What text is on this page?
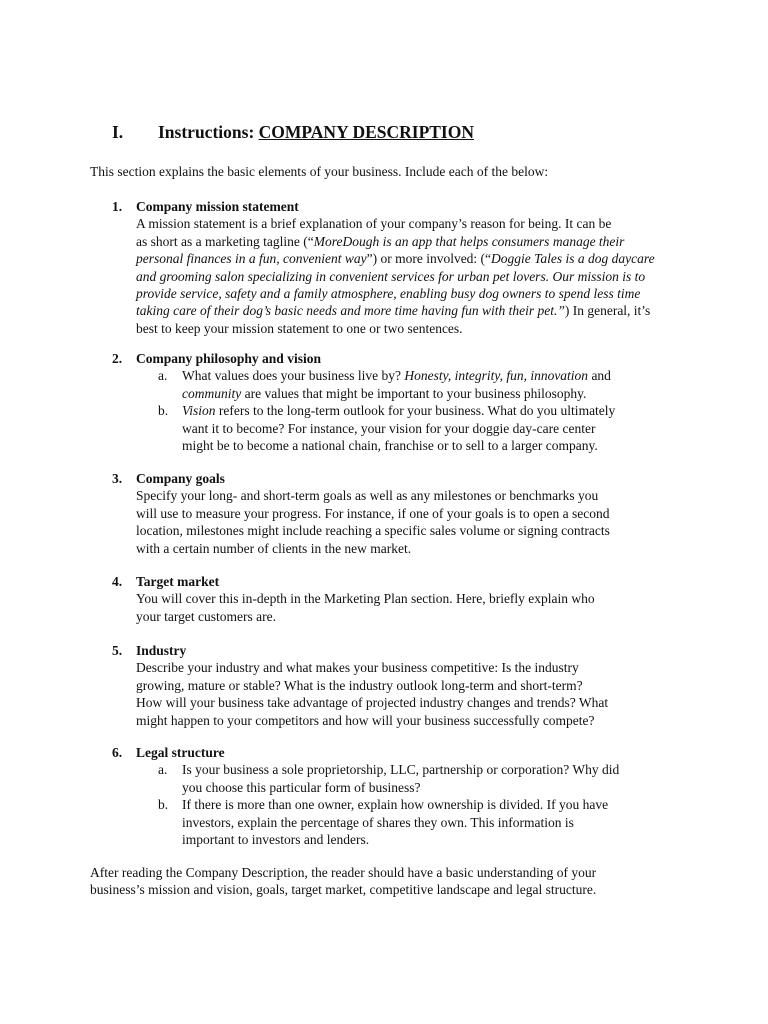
I. Instructions: COMPANY DESCRIPTION
This section explains the basic elements of your business. Include each of the below:
1. Company mission statement
A mission statement is a brief explanation of your company’s reason for being. It can be
as short as a marketing tagline (“MoreDough is an app that helps consumers manage their
personal finances in a fun, convenient way”) or more involved: (“Doggie Tales is a dog daycare
and grooming salon specializing in convenient services for urban pet lovers. Our mission is to
provide service, safety and a family atmosphere, enabling busy dog owners to spend less time
taking care of their dog’s basic needs and more time having fun with their pet.”) In general, it’s
best to keep your mission statement to one or two sentences.
2. Company philosophy and vision
a. What values does your business live by? Honesty, integrity, fun, innovation and
community are values that might be important to your business philosophy.
b. Vision refers to the long-term outlook for your business. What do you ultimately
want it to become? For instance, your vision for your doggie day-care center
might be to become a national chain, franchise or to sell to a larger company.
3. Company goals
Specify your long- and short-term goals as well as any milestones or benchmarks you
will use to measure your progress. For instance, if one of your goals is to open a second
location, milestones might include reaching a specific sales volume or signing contracts
with a certain number of clients in the new market.
4. Target market
You will cover this in-depth in the Marketing Plan section. Here, briefly explain who
your target customers are.
5. Industry
Describe your industry and what makes your business competitive: Is the industry
growing, mature or stable? What is the industry outlook long-term and short-term?
How will your business take advantage of projected industry changes and trends? What
might happen to your competitors and how will your business successfully compete?
6. Legal structure
a. Is your business a sole proprietorship, LLC, partnership or corporation? Why did
you choose this particular form of business?
b. If there is more than one owner, explain how ownership is divided. If you have
investors, explain the percentage of shares they own. This information is
important to investors and lenders.
After reading the Company Description, the reader should have a basic understanding of your
business’s mission and vision, goals, target market, competitive landscape and legal structure.
